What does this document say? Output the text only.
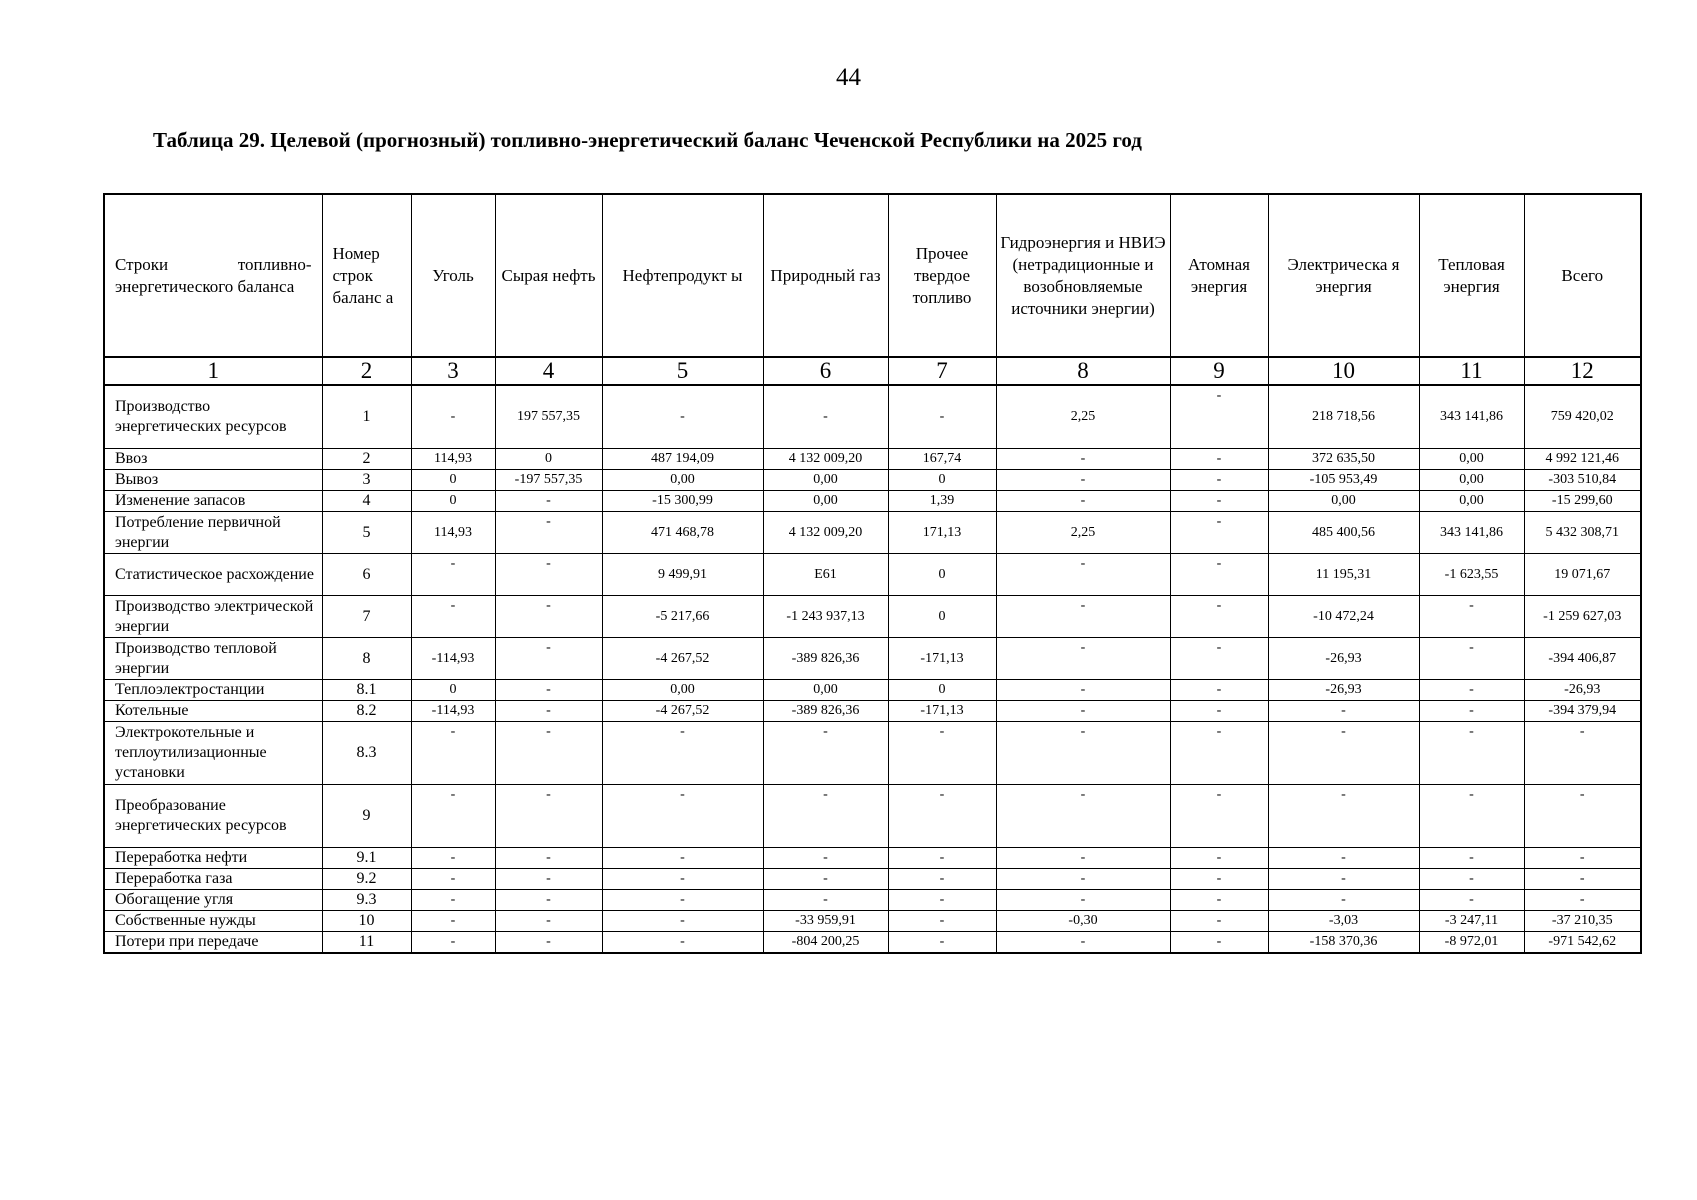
44
Таблица 29. Целевой (прогнозный) топливно-энергетический баланс Чеченской Республики на 2025 год
Строки топливно-энергетического баланса	Номер строк баланс а	Уголь	Сырая нефть	Нефтепродукт ы	Природный газ	Прочее твердое топливо	Гидроэнергия и НВИЭ (нетрадиционные и возобновляемые источники энергии)	Атомная энергия	Электрическа я энергия	Тепловая энергия	Всего
1	2	3	4	5	6	7	8	9	10	11	12
Производство энергетических ресурсов	1	-	197 557,35	-	-	-	2,25	-	218 718,56	343 141,86	759 420,02
Ввоз	2	114,93	0	487 194,09	4 132 009,20	167,74	-	-	372 635,50	0,00	4 992 121,46
Вывоз	3	0	-197 557,35	0,00	0,00	0	-	-	-105 953,49	0,00	-303 510,84
Изменение запасов	4	0	-	-15 300,99	0,00	1,39	-	-	0,00	0,00	-15 299,60
Потребление первичной энергии	5	114,93	-	471 468,78	4 132 009,20	171,13	2,25	-	485 400,56	343 141,86	5 432 308,71
Статистическое расхождение	6	-	-	9 499,91	E61	0	-	-	11 195,31	-1 623,55	19 071,67
Производство электрической энергии	7	-	-	-5 217,66	-1 243 937,13	0	-	-	-10 472,24	-	-1 259 627,03
Производство тепловой энергии	8	-114,93	-	-4 267,52	-389 826,36	-171,13	-	-	-26,93	-	-394 406,87
Теплоэлектростанции	8.1	0	-	0,00	0,00	0	-	-	-26,93	-	-26,93
Котельные	8.2	-114,93	-	-4 267,52	-389 826,36	-171,13	-	-	-	-	-394 379,94
Электрокотельные и теплоутилизационные установки	8.3	-	-	-	-	-	-	-	-	-	-
Преобразование энергетических ресурсов	9	-	-	-	-	-	-	-	-	-	-
Переработка нефти	9.1	-	-	-	-	-	-	-	-	-	-
Переработка газа	9.2	-	-	-	-	-	-	-	-	-	-
Обогащение угля	9.3	-	-	-	-	-	-	-	-	-	-
Собственные нужды	10	-	-	-	-33 959,91	-	-0,30	-	-3,03	-3 247,11	-37 210,35
Потери при передаче	11	-	-	-	-804 200,25	-	-	-	-158 370,36	-8 972,01	-971 542,62
